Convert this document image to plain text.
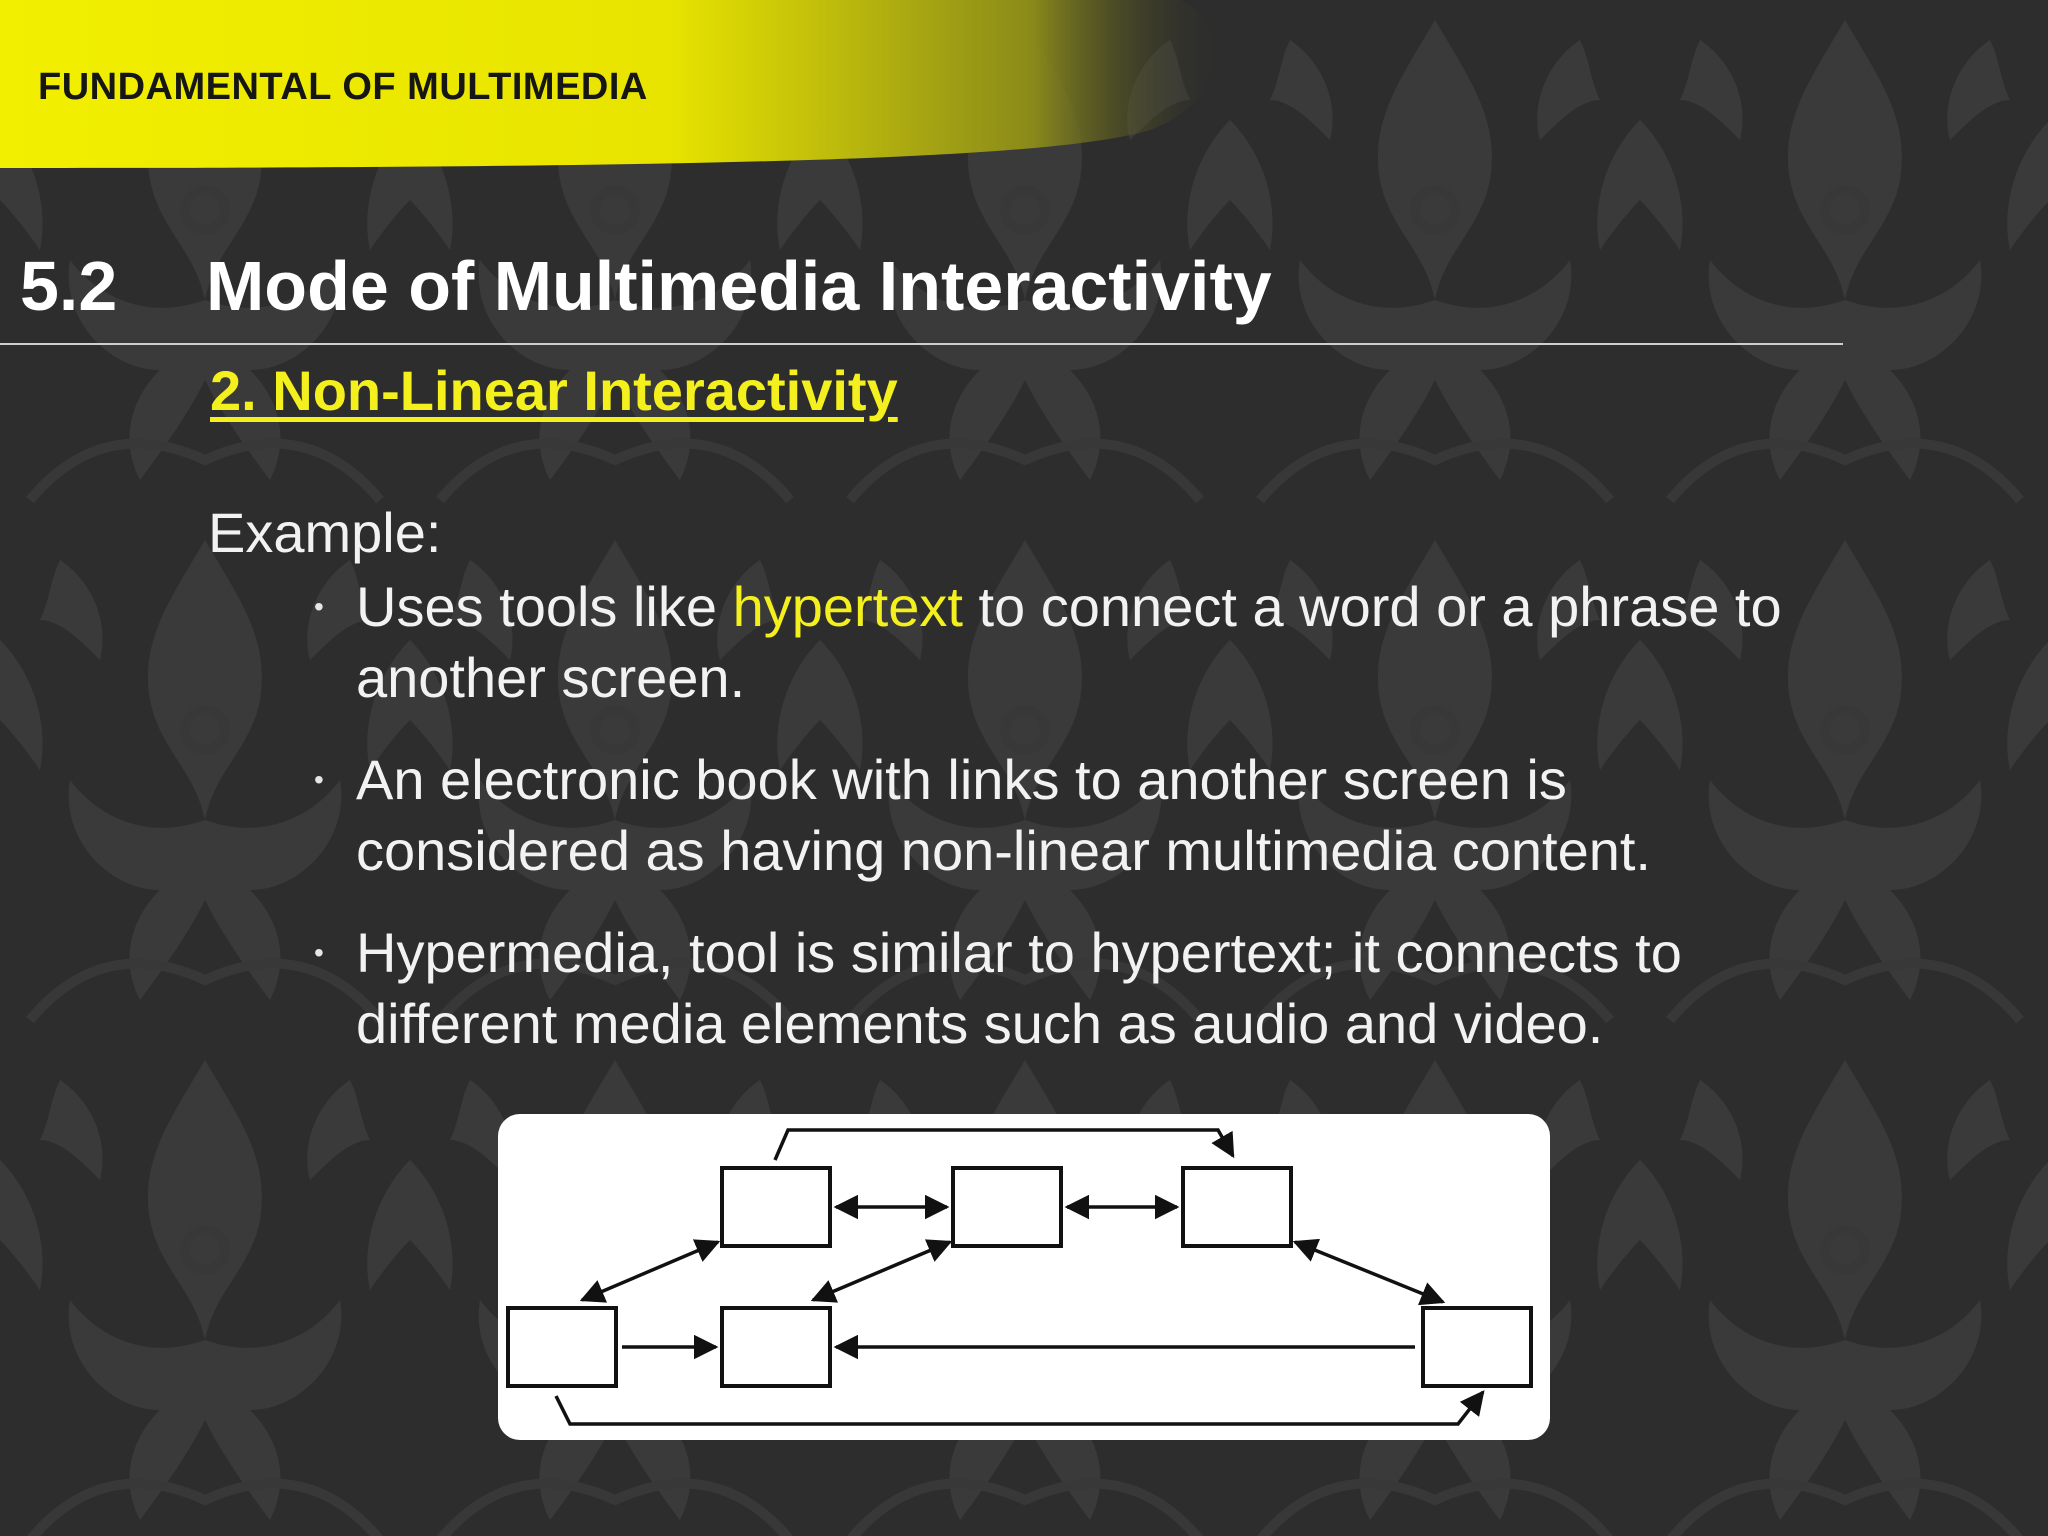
FUNDAMENTAL OF MULTIMEDIA
5.2 Mode of Multimedia Interactivity
2. Non-Linear Interactivity
Example:
• Uses tools like hypertext to connect a word or a phrase to another screen.
• An electronic book with links to another screen is considered as having non-linear multimedia content.
• Hypermedia, tool is similar to hypertext; it connects to different media elements such as audio and video.
